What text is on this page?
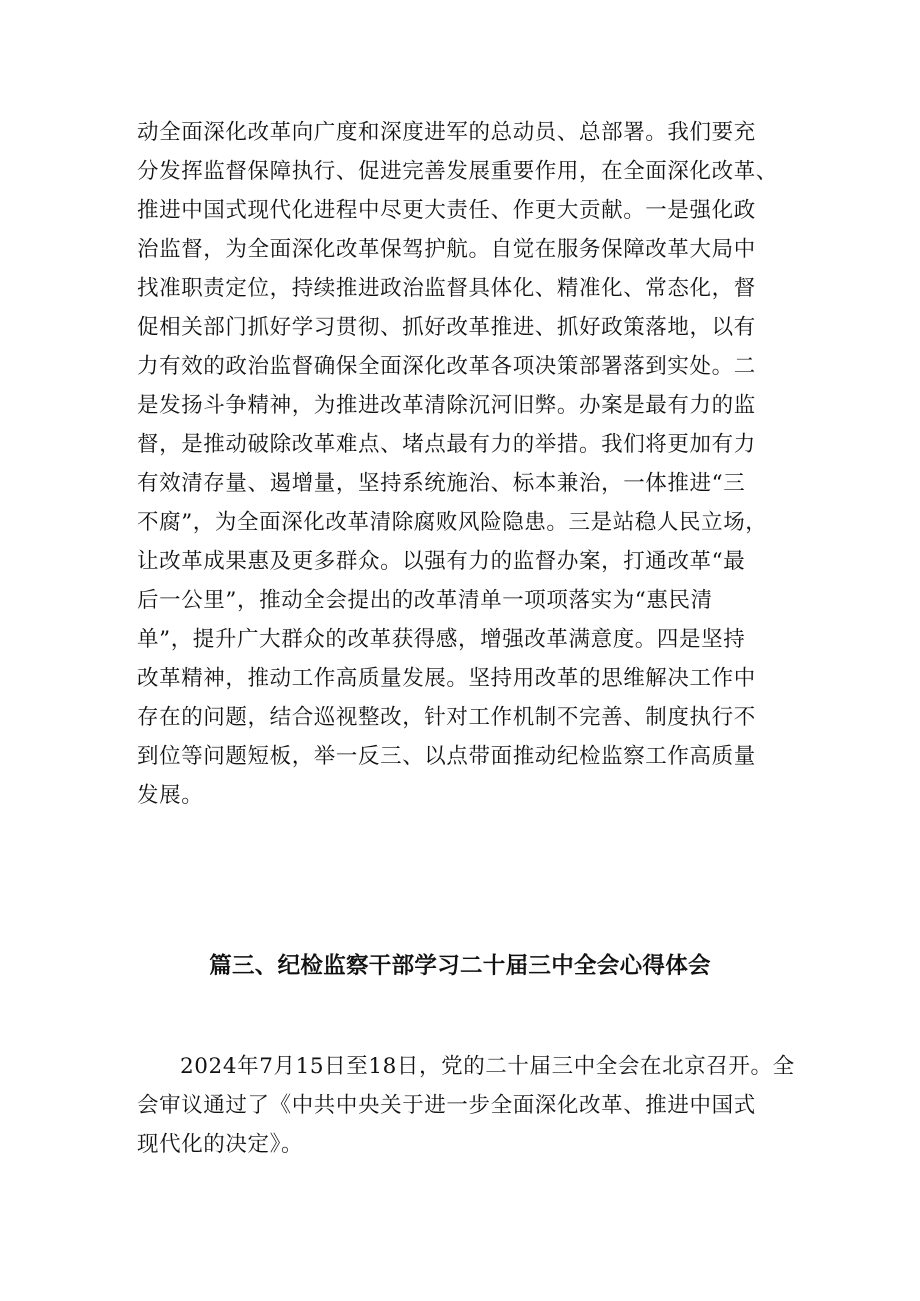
动全面深化改革向广度和深度进军的总动员、总部署。我们要充
分发挥监督保障执行、促进完善发展重要作用，在全面深化改革、
推进中国式现代化进程中尽更大责任、作更大贡献。一是强化政
治监督，为全面深化改革保驾护航。自觉在服务保障改革大局中
找准职责定位，持续推进政治监督具体化、精准化、常态化，督
促相关部门抓好学习贯彻、抓好改革推进、抓好政策落地，以有
力有效的政治监督确保全面深化改革各项决策部署落到实处。二
是发扬斗争精神，为推进改革清除沉河旧弊。办案是最有力的监
督，是推动破除改革难点、堵点最有力的举措。我们将更加有力
有效清存量、遏增量，坚持系统施治、标本兼治，一体推进“三
不腐”，为全面深化改革清除腐败风险隐患。三是站稳人民立场，
让改革成果惠及更多群众。以强有力的监督办案，打通改革“最
后一公里”，推动全会提出的改革清单一项项落实为“惠民清
单”，提升广大群众的改革获得感，增强改革满意度。四是坚持
改革精神，推动工作高质量发展。坚持用改革的思维解决工作中
存在的问题，结合巡视整改，针对工作机制不完善、制度执行不
到位等问题短板，举一反三、以点带面推动纪检监察工作高质量
发展。
篇三、纪检监察干部学习二十届三中全会心得体会
2024年7月15日至18日，党的二十届三中全会在北京召开。全
会审议通过了《中共中央关于进一步全面深化改革、推进中国式
现代化的决定》。
